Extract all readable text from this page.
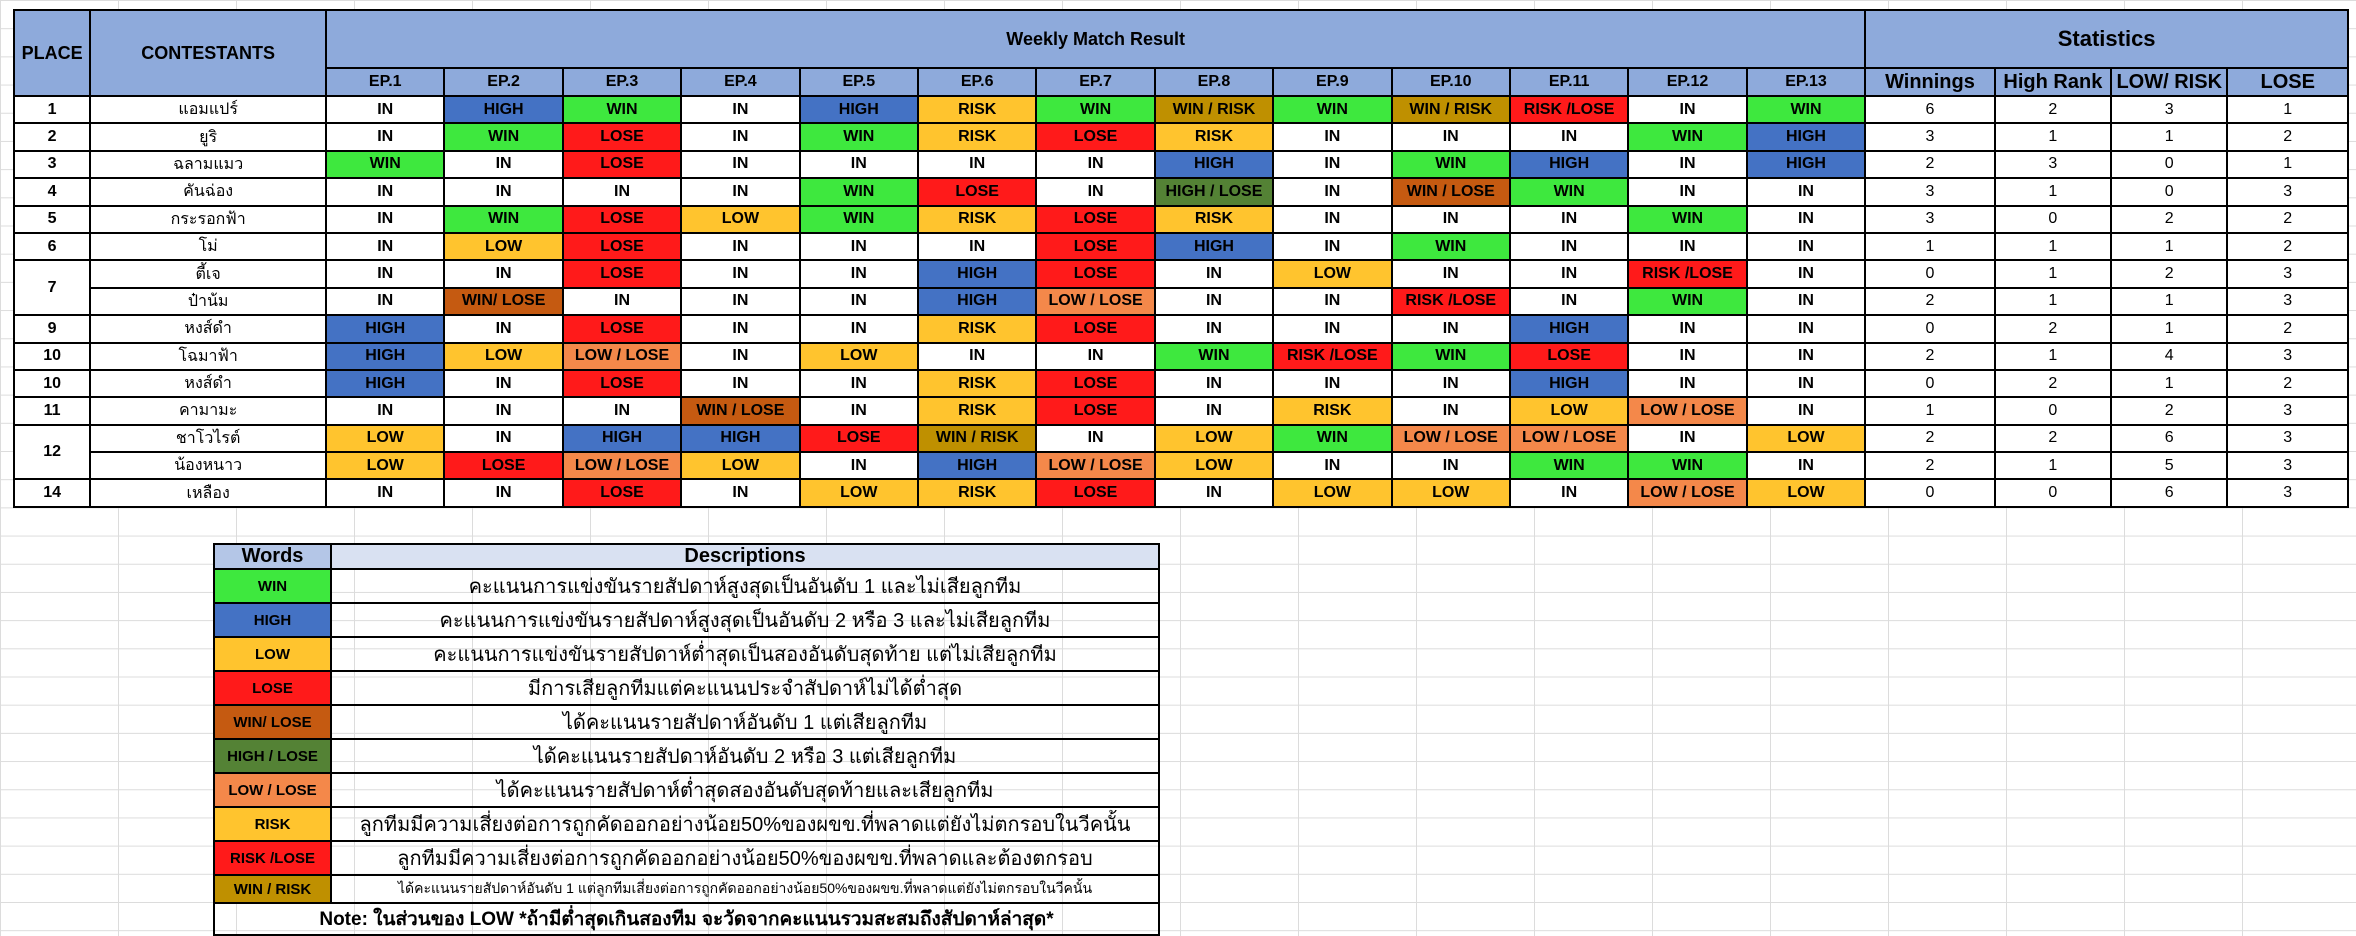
PLACE	CONTESTANTS	Weekly Match Result													Statistics			
		EP.1	EP.2	EP.3	EP.4	EP.5	EP.6	EP.7	EP.8	EP.9	EP.10	EP.11	EP.12	EP.13	Winnings	High Rank	LOW/ RISK	LOSE
1	แอมแปร์	IN	HIGH	WIN	IN	HIGH	RISK	WIN	WIN / RISK	WIN	WIN / RISK	RISK /LOSE	IN	WIN	6	2	3	1
2	ยูริ	IN	WIN	LOSE	IN	WIN	RISK	LOSE	RISK	IN	IN	IN	WIN	HIGH	3	1	1	2
3	ฉลามแมว	WIN	IN	LOSE	IN	IN	IN	IN	HIGH	IN	WIN	HIGH	IN	HIGH	2	3	0	1
4	คันฉ่อง	IN	IN	IN	IN	WIN	LOSE	IN	HIGH / LOSE	IN	WIN / LOSE	WIN	IN	IN	3	1	0	3
5	กระรอกฟ้า	IN	WIN	LOSE	LOW	WIN	RISK	LOSE	RISK	IN	IN	IN	WIN	IN	3	0	2	2
6	โม่	IN	LOW	LOSE	IN	IN	IN	LOSE	HIGH	IN	WIN	IN	IN	IN	1	1	1	2
7	ตี้เจ	IN	IN	LOSE	IN	IN	HIGH	LOSE	IN	LOW	IN	IN	RISK /LOSE	IN	0	1	2	3
	ป๋าน้ม	IN	WIN/ LOSE	IN	IN	IN	HIGH	LOW / LOSE	IN	IN	RISK /LOSE	IN	WIN	IN	2	1	1	3
9	หงส์ดำ	HIGH	IN	LOSE	IN	IN	RISK	LOSE	IN	IN	IN	HIGH	IN	IN	0	2	1	2
10	โฉมาฟ้า	HIGH	LOW	LOW / LOSE	IN	LOW	IN	IN	WIN	RISK /LOSE	WIN	LOSE	IN	IN	2	1	4	3
10	หงส์ดำ	HIGH	IN	LOSE	IN	IN	RISK	LOSE	IN	IN	IN	HIGH	IN	IN	0	2	1	2
11	คามามะ	IN	IN	IN	WIN / LOSE	IN	RISK	LOSE	IN	RISK	IN	LOW	LOW / LOSE	IN	1	0	2	3
12	ชาโวไรต์	LOW	IN	HIGH	HIGH	LOSE	WIN / RISK	IN	LOW	WIN	LOW / LOSE	LOW / LOSE	IN	LOW	2	2	6	3
	น้องหนาว	LOW	LOSE	LOW / LOSE	LOW	IN	HIGH	LOW / LOSE	LOW	IN	IN	WIN	WIN	IN	2	1	5	3
14	เหลือง	IN	IN	LOSE	IN	LOW	RISK	LOSE	IN	LOW	LOW	IN	LOW / LOSE	LOW	0	0	6	3
Words	Descriptions
WIN	คะแนนการแข่งขันรายสัปดาห์สูงสุดเป็นอันดับ 1 และไม่เสียลูกทีม
HIGH	คะแนนการแข่งขันรายสัปดาห์สูงสุดเป็นอันดับ 2 หรือ 3 และไม่เสียลูกทีม
LOW	คะแนนการแข่งขันรายสัปดาห์ต่ำสุดเป็นสองอันดับสุดท้าย แต่ไม่เสียลูกทีม
LOSE	มีการเสียลูกทีมแต่คะแนนประจำสัปดาห์ไม่ได้ต่ำสุด
WIN/ LOSE	ได้คะแนนรายสัปดาห์อันดับ 1 แต่เสียลูกทีม
HIGH / LOSE	ได้คะแนนรายสัปดาห์อันดับ 2 หรือ 3 แต่เสียลูกทีม
LOW / LOSE	ได้คะแนนรายสัปดาห์ต่ำสุดสองอันดับสุดท้ายและเสียลูกทีม
RISK	ลูกทีมมีความเสี่ยงต่อการถูกคัดออกอย่างน้อย50%ของผขข.ที่พลาดแต่ยังไม่ตกรอบในวีคนั้น
RISK /LOSE	ลูกทีมมีความเสี่ยงต่อการถูกคัดออกอย่างน้อย50%ของผขข.ที่พลาดและต้องตกรอบ
WIN / RISK	ได้คะแนนรายสัปดาห์อันดับ 1 แต่ลูกทีมเสี่ยงต่อการถูกคัดออกอย่างน้อย50%ของผขข.ที่พลาดแต่ยังไม่ตกรอบในวีคนั้น
Note: ในส่วนของ LOW *ถ้ามีต่ำสุดเกินสองทีม จะวัดจากคะแนนรวมสะสมถึงสัปดาห์ล่าสุด*	
